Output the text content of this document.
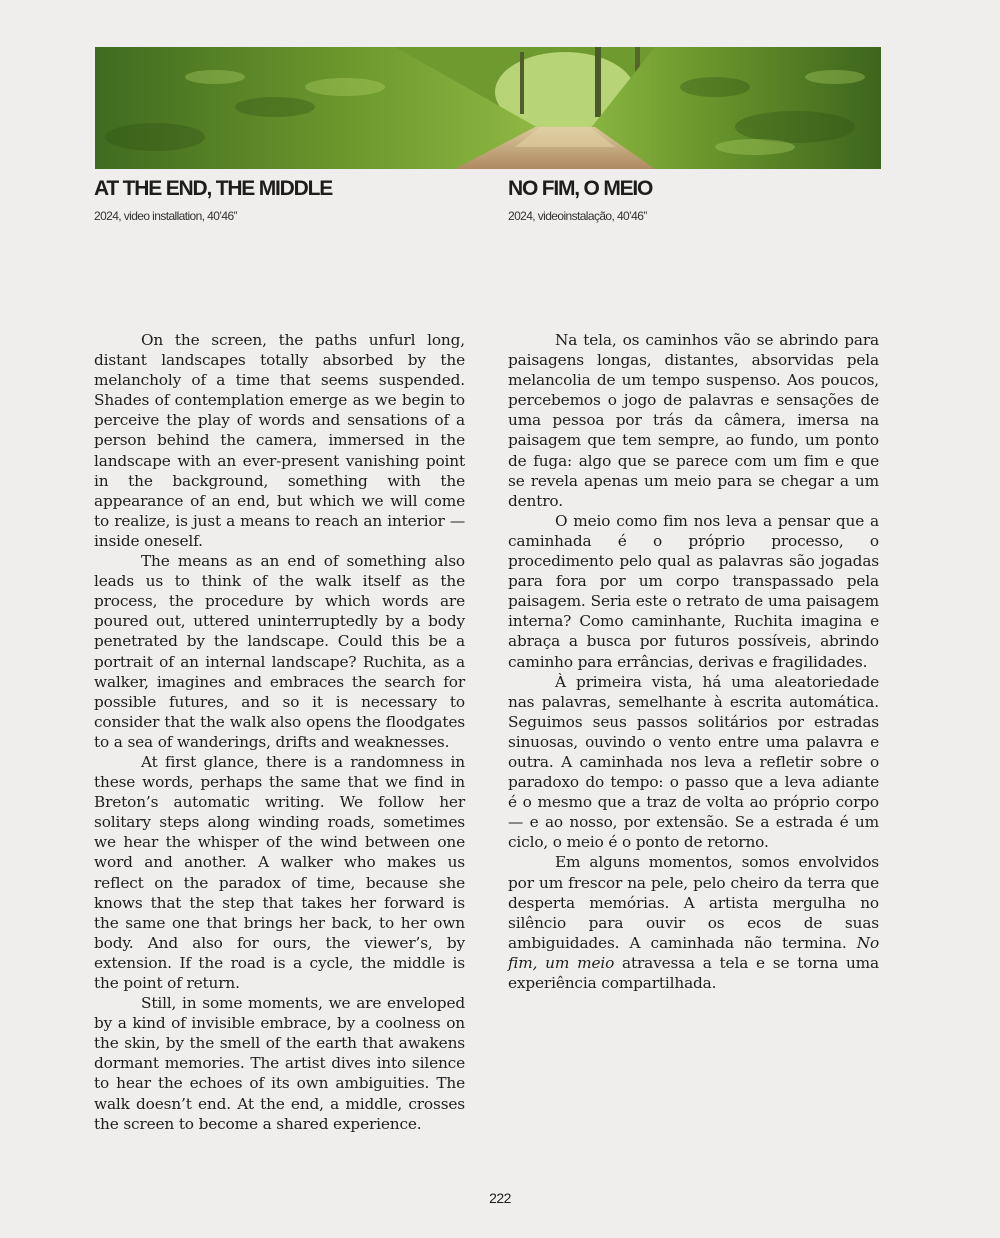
AT THE END, THE MIDDLE
2024, video installation, 40’46”

On the screen, the paths unfurl long, distant landscapes totally absorbed by the melancholy of a time that seems suspended. Shades of contemplation emerge as we begin to perceive the play of words and sensations of a person behind the camera, immersed in the landscape with an ever-present vanishing point in the background, something with the appearance of an end, but which we will come to realize, is just a means to reach an interior — inside oneself.

The means as an end of something also leads us to think of the walk itself as the process, the procedure by which words are poured out, uttered uninterruptedly by a body penetrated by the landscape. Could this be a portrait of an internal landscape? Ruchita, as a walker, imagines and embraces the search for possible futures, and so it is necessary to consider that the walk also opens the floodgates to a sea of wanderings, drifts and weaknesses.

At first glance, there is a randomness in these words, perhaps the same that we find in Breton’s automatic writing. We follow her solitary steps along winding roads, sometimes we hear the whisper of the wind between one word and another. A walker who makes us reflect on the paradox of time, because she knows that the step that takes her forward is the same one that brings her back, to her own body. And also for ours, the viewer’s, by extension. If the road is a cycle, the middle is the point of return.

Still, in some moments, we are enveloped by a kind of invisible embrace, by a coolness on the skin, by the smell of the earth that awakens dormant memories. The artist dives into silence to hear the echoes of its own ambiguities. The walk doesn’t end. At the end, a middle, crosses the screen to become a shared experience.

NO FIM, O MEIO
2024, videoinstalação, 40’46”

Na tela, os caminhos vão se abrindo para paisagens longas, distantes, absorvidas pela melancolia de um tempo suspenso. Aos poucos, percebemos o jogo de palavras e sensações de uma pessoa por trás da câmera, imersa na paisagem que tem sempre, ao fundo, um ponto de fuga: algo que se parece com um fim e que se revela apenas um meio para se chegar a um dentro.

O meio como fim nos leva a pensar que a caminhada é o próprio processo, o procedimento pelo qual as palavras são jogadas para fora por um corpo transpassado pela paisagem. Seria este o retrato de uma paisagem interna? Como caminhante, Ruchita imagina e abraça a busca por futuros possíveis, abrindo caminho para errâncias, derivas e fragilidades.

À primeira vista, há uma aleatoriedade nas palavras, semelhante à escrita automática. Seguimos seus passos solitários por estradas sinuosas, ouvindo o vento entre uma palavra e outra. A caminhada nos leva a refletir sobre o paradoxo do tempo: o passo que a leva adiante é o mesmo que a traz de volta ao próprio corpo — e ao nosso, por extensão. Se a estrada é um ciclo, o meio é o ponto de retorno.

Em alguns momentos, somos envolvidos por um frescor na pele, pelo cheiro da terra que desperta memórias. A artista mergulha no silêncio para ouvir os ecos de suas ambiguidades. A caminhada não termina. No fim, um meio atravessa a tela e se torna uma experiência compartilhada.

222
